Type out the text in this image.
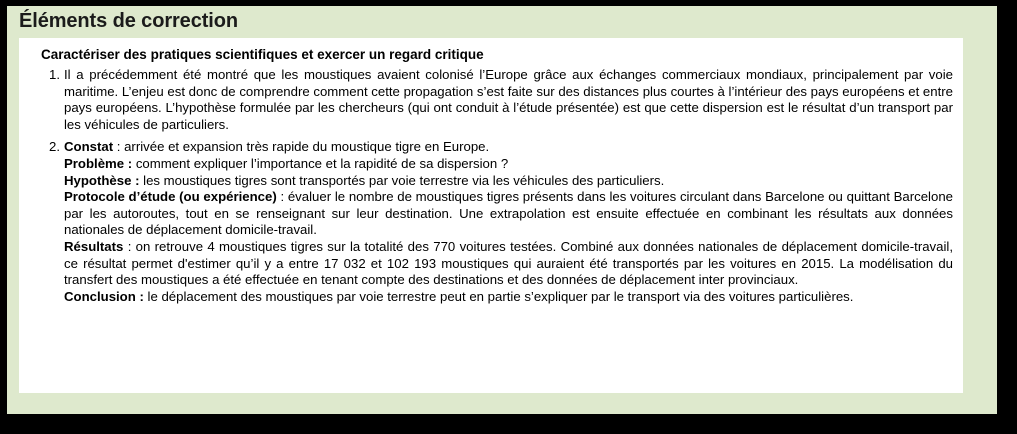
Éléments de correction
Caractériser des pratiques scientifiques et exercer un regard critique
1. Il a précédemment été montré que les moustiques avaient colonisé l’Europe grâce aux échanges commerciaux mondiaux, principalement par voie maritime. L’enjeu est donc de comprendre comment cette propagation s’est faite sur des distances plus courtes à l’intérieur des pays européens et entre pays européens. L’hypothèse formulée par les chercheurs (qui ont conduit à l’étude présentée) est que cette dispersion est le résultat d’un transport par les véhicules de particuliers.
2. Constat : arrivée et expansion très rapide du moustique tigre en Europe.
Problème : comment expliquer l’importance et la rapidité de sa dispersion ?
Hypothèse : les moustiques tigres sont transportés par voie terrestre via les véhicules des particuliers.
Protocole d’étude (ou expérience) : évaluer le nombre de moustiques tigres présents dans les voitures circulant dans Barcelone ou quittant Barcelone par les autoroutes, tout en se renseignant sur leur destination. Une extrapolation est ensuite effectuée en combinant les résultats aux données nationales de déplacement domicile-travail.
Résultats : on retrouve 4 moustiques tigres sur la totalité des 770 voitures testées. Combiné aux données nationales de déplacement domicile-travail, ce résultat permet d'estimer qu’il y a entre 17 032 et 102 193 moustiques qui auraient été transportés par les voitures en 2015. La modélisation du transfert des moustiques a été effectuée en tenant compte des destinations et des données de déplacement inter provinciaux.
Conclusion : le déplacement des moustiques par voie terrestre peut en partie s’expliquer par le transport via des voitures particulières.
